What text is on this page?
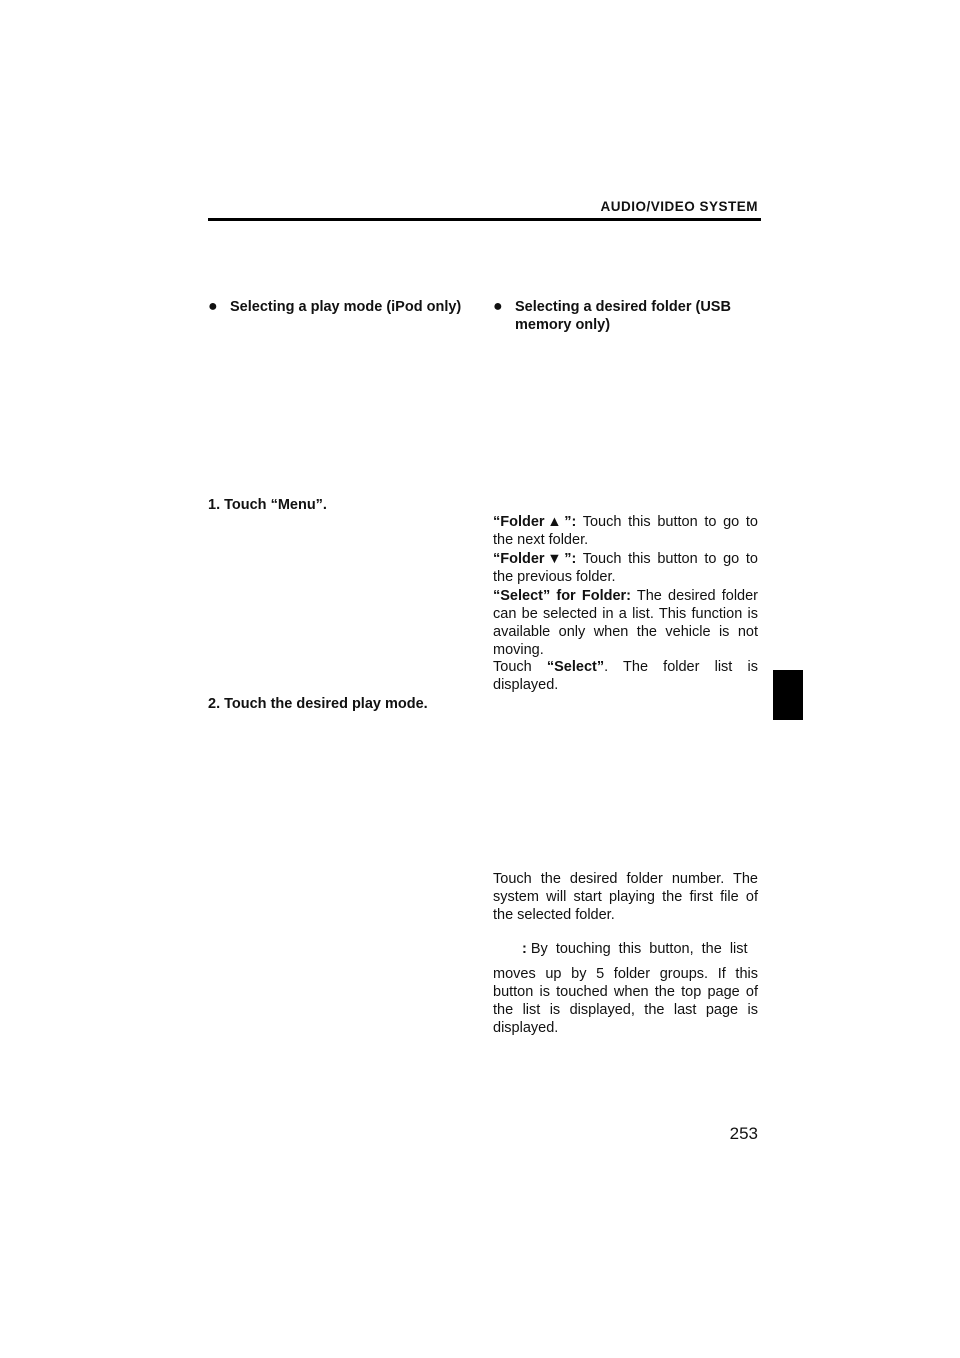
AUDIO/VIDEO SYSTEM
● Selecting a play mode (iPod only)
1. Touch “Menu”.
2. Touch the desired play mode.
● Selecting a desired folder (USB
memory only)
“Folder▲”: Touch this button to go to the next folder.
“Folder▼”: Touch this button to go to the previous folder.
“Select” for Folder: The desired folder can be selected in a list. This function is available only when the vehicle is not moving.
Touch “Select”. The folder list is displayed.
Touch the desired folder number. The system will start playing the first file of the selected folder.
: By touching this button, the list
moves up by 5 folder groups. If this button is touched when the top page of the list is displayed, the last page is displayed.
253
